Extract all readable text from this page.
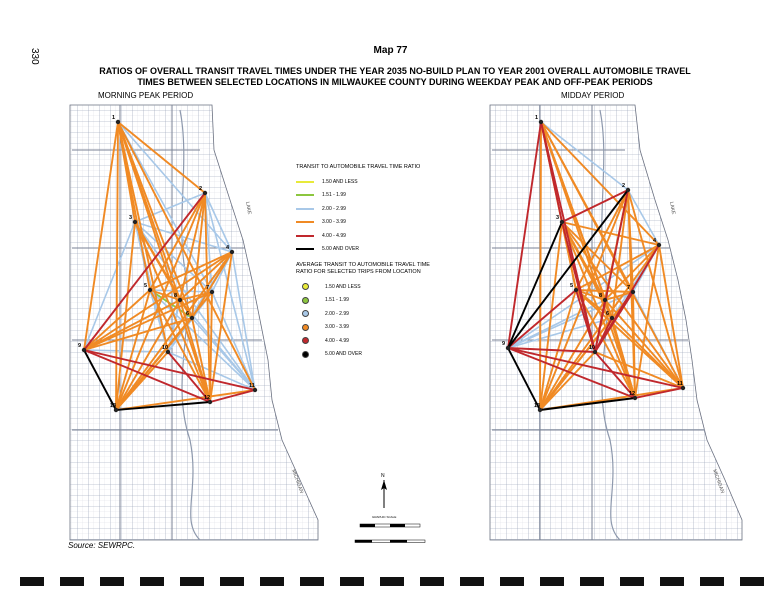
330	Map 77
RATIOS OF OVERALL TRANSIT TRAVEL TIMES UNDER THE YEAR 2035 NO-BUILD PLAN TO YEAR 2001 OVERALL AUTOMOBILE TRAVEL TIMES BETWEEN SELECTED LOCATIONS IN MILWAUKEE COUNTY DURING WEEKDAY PEAK AND OFF-PEAK PERIODS
MORNING PEAK PERIOD	MIDDAY PERIOD
LAKE
MICHIGAN
LAKE
MICHIGAN
1
2
3
4
5
6
7
8
9	10
11
12
13
1
2
3
4
5
6
7
8
9
10
11
12
13
N
GRAPHIC SCALE
TRANSIT TO AUTOMOBILE TRAVEL TIME RATIO
1.50 AND LESS
1.51 - 1.99
2.00 - 2.99
3.00 - 3.99
4.00 - 4.99
5.00 AND OVER
AVERAGE TRANSIT TO AUTOMOBILE TRAVEL TIME RATIO FOR SELECTED TRIPS FROM LOCATION
1.50 AND LESS
1.51 - 1.99
2.00 - 2.99
3.00 - 3.99
4.00 - 4.99
5.00 AND OVER
Source: SEWRPC.
